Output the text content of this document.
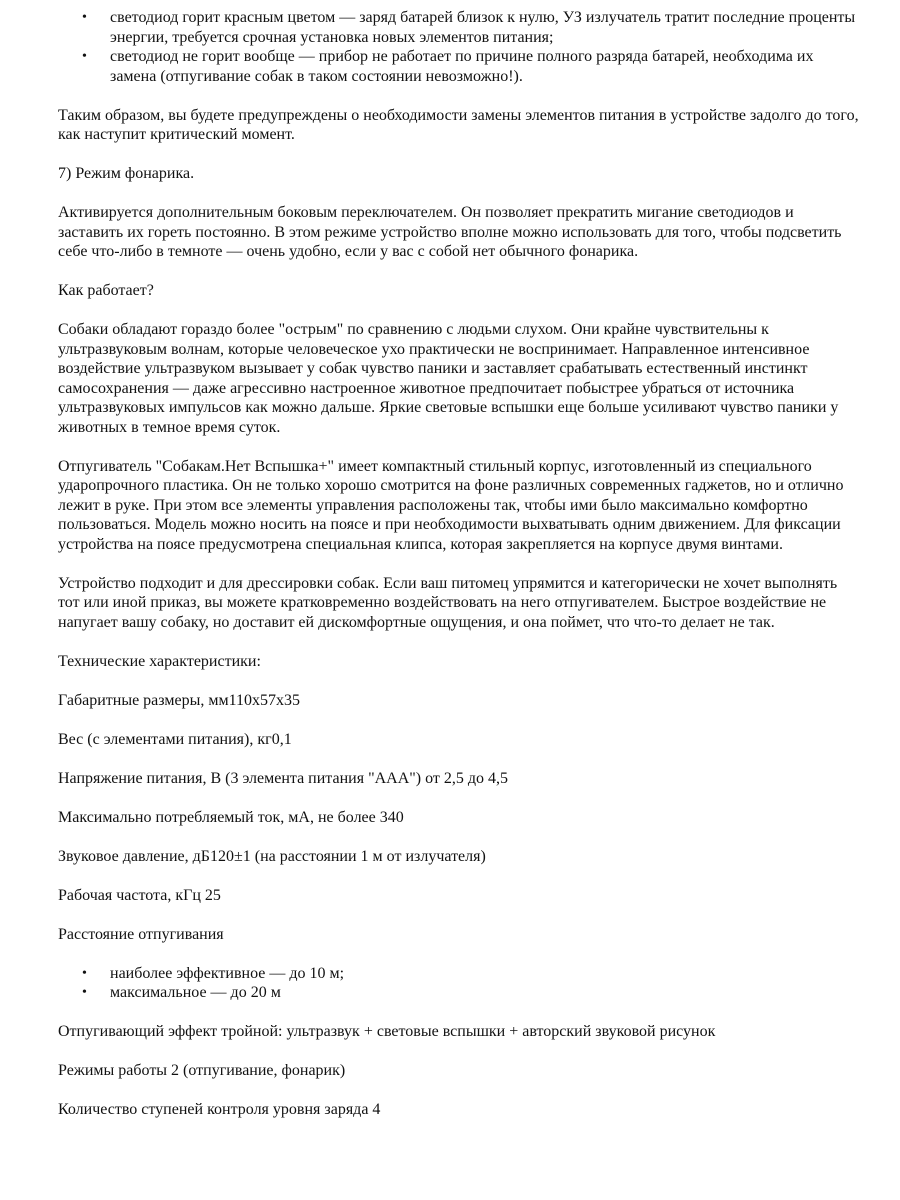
• светодиод горит красным цветом — заряд батарей близок к нулю, УЗ излучатель тратит последние проценты энергии, требуется срочная установка новых элементов питания;
• светодиод не горит вообще — прибор не работает по причине полного разряда батарей, необходима их замена (отпугивание собак в таком состоянии невозможно!).

Таким образом, вы будете предупреждены о необходимости замены элементов питания в устройстве задолго до того, как наступит критический момент.

7) Режим фонарика.

Активируется дополнительным боковым переключателем. Он позволяет прекратить мигание светодиодов и заставить их гореть постоянно. В этом режиме устройство вполне можно использовать для того, чтобы подсветить себе что-либо в темноте — очень удобно, если у вас с собой нет обычного фонарика.

Как работает?

Собаки обладают гораздо более "острым" по сравнению с людьми слухом. Они крайне чувствительны к ультразвуковым волнам, которые человеческое ухо практически не воспринимает. Направленное интенсивное воздействие ультразвуком вызывает у собак чувство паники и заставляет срабатывать естественный инстинкт самосохранения — даже агрессивно настроенное животное предпочитает побыстрее убраться от источника ультразвуковых импульсов как можно дальше. Яркие световые вспышки еще больше усиливают чувство паники у животных в темное время суток.

Отпугиватель "Собакам.Нет Вспышка+" имеет компактный стильный корпус, изготовленный из специального ударопрочного пластика. Он не только хорошо смотрится на фоне различных современных гаджетов, но и отлично лежит в руке. При этом все элементы управления расположены так, чтобы ими было максимально комфортно пользоваться. Модель можно носить на поясе и при необходимости выхватывать одним движением. Для фиксации устройства на поясе предусмотрена специальная клипса, которая закрепляется на корпусе двумя винтами.

Устройство подходит и для дрессировки собак. Если ваш питомец упрямится и категорически не хочет выполнять тот или иной приказ, вы можете кратковременно воздействовать на него отпугивателем. Быстрое воздействие не напугает вашу собаку, но доставит ей дискомфортные ощущения, и она поймет, что что-то делает не так.

Технические характеристики:

Габаритные размеры, мм110х57х35

Вес (с элементами питания), кг0,1

Напряжение питания, В (3 элемента питания "AAA") от 2,5 до 4,5

Максимально потребляемый ток, мА, не более 340

Звуковое давление, дБ120±1 (на расстоянии 1 м от излучателя)

Рабочая частота, кГц 25

Расстояние отпугивания

• наиболее эффективное — до 10 м;
• максимальное — до 20 м

Отпугивающий эффект тройной: ультразвук + световые вспышки + авторский звуковой рисунок

Режимы работы 2 (отпугивание, фонарик)

Количество ступеней контроля уровня заряда 4
